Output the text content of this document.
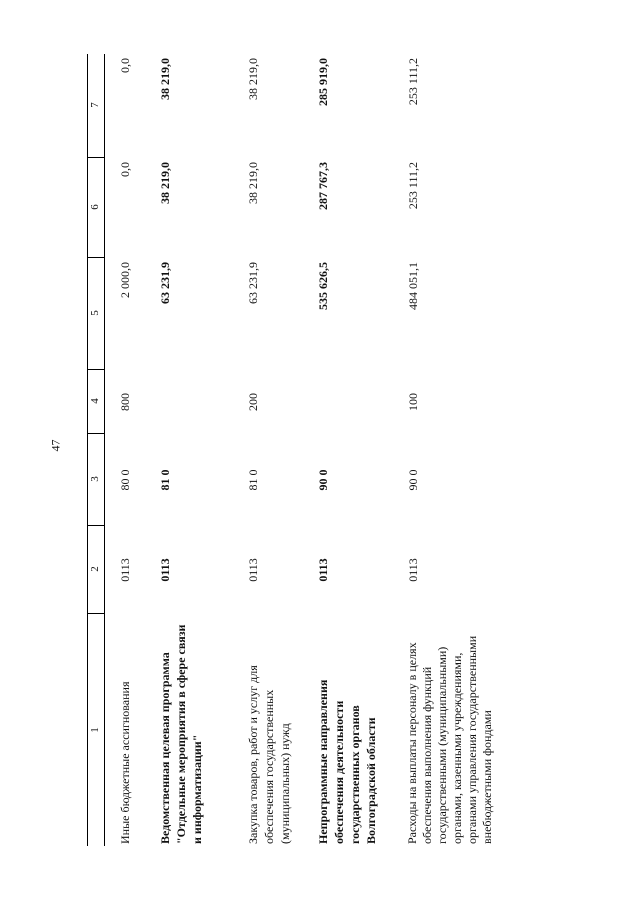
47
1
2
3
4
5
6
7
Иные бюджетные ассигнования
0113
80 0
800
2 000,0
0,0
0,0
Ведомственная целевая программа "Отдельные мероприятия в сфере связи и информатизации"
0113
81 0
63 231,9
38 219,0
38 219,0
Закупка товаров, работ и услуг для обеспечения государственных (муниципальных) нужд
0113
81 0
200
63 231,9
38 219,0
38 219,0
Непрограммные направления обеспечения деятельности государственных органов Волгоградской области
0113
90 0
535 626,5
287 767,3
285 919,0
Расходы на выплаты персоналу в целях обеспечения выполнения функций государственными (муниципальными) органами, казенными учреждениями, органами управления государственными внебюджетными фондами
0113
90 0
100
484 051,1
253 111,2
253 111,2
